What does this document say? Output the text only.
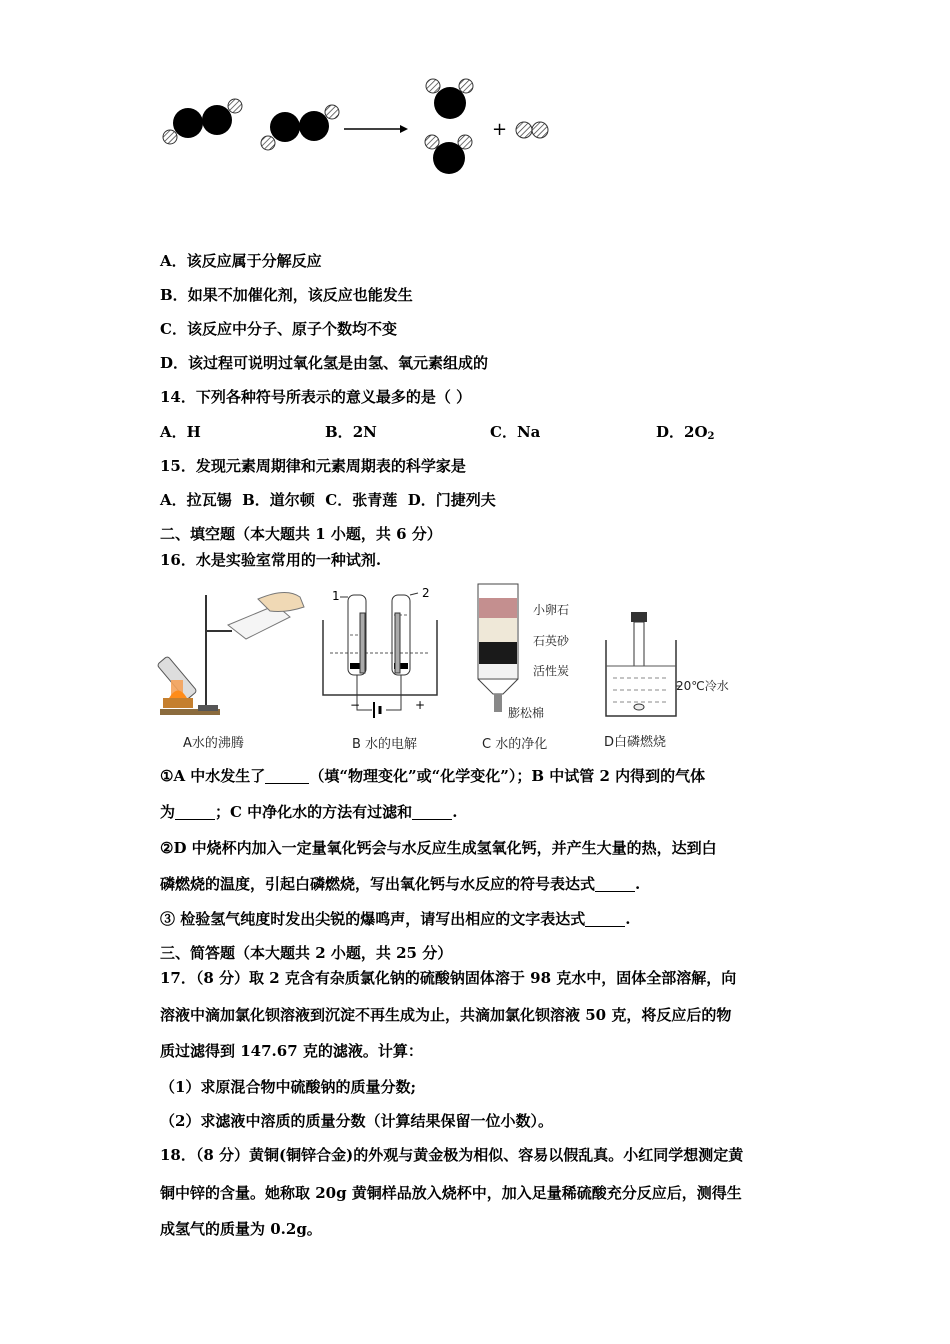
+
A．该反应属于分解反应
B．如果不加催化剂，该反应也能发生
C．该反应中分子、原子个数均不变
D．该过程可说明过氧化氢是由氢、氧元素组成的
14．下列各种符号所表示的意义最多的是（ ）
A．H	B．2N	C．Na	D．$2O_2$
15．发现元素周期律和元素周期表的科学家是
A．拉瓦锡 B．道尔顿 C．张青莲 D．门捷列夫
二、填空题（本大题共 1 小题，共 6 分）
16．水是实验室常用的一种试剂.
A水的沸腾
1	2
−	+
B 水的电解
小卵石
石英砂
活性炭
膨松棉
C 水的净化
20℃冷水
D白磷燃烧
①A 中水发生了	（填“物理变化”或“化学变化”）；B 中试管 2 内得到的气体
为	；C 中净化水的方法有过滤和	.
②D 中烧杯内加入一定量氧化钙会与水反应生成氢氧化钙，并产生大量的热，达到白
磷燃烧的温度，引起白磷燃烧，写出氧化钙与水反应的符号表达式	.
③ 检验氢气纯度时发出尖锐的爆鸣声，请写出相应的文字表达式	.
三、简答题（本大题共 2 小题，共 25 分）
17．（8 分）取 2 克含有杂质氯化钠的硫酸钠固体溶于 98 克水中，固体全部溶解，向
溶液中滴加氯化钡溶液到沉淀不再生成为止，共滴加氯化钡溶液 50 克，将反应后的物
质过滤得到 147.67 克的滤液。计算：
（1）求原混合物中硫酸钠的质量分数;
（2）求滤液中溶质的质量分数（计算结果保留一位小数）。
18．（8 分）黄铜(铜锌合金)的外观与黄金极为相似、容易以假乱真。小红同学想测定黄
铜中锌的含量。她称取 20g 黄铜样品放入烧杯中，加入足量稀硫酸充分反应后，测得生
成氢气的质量为 0.2g。
